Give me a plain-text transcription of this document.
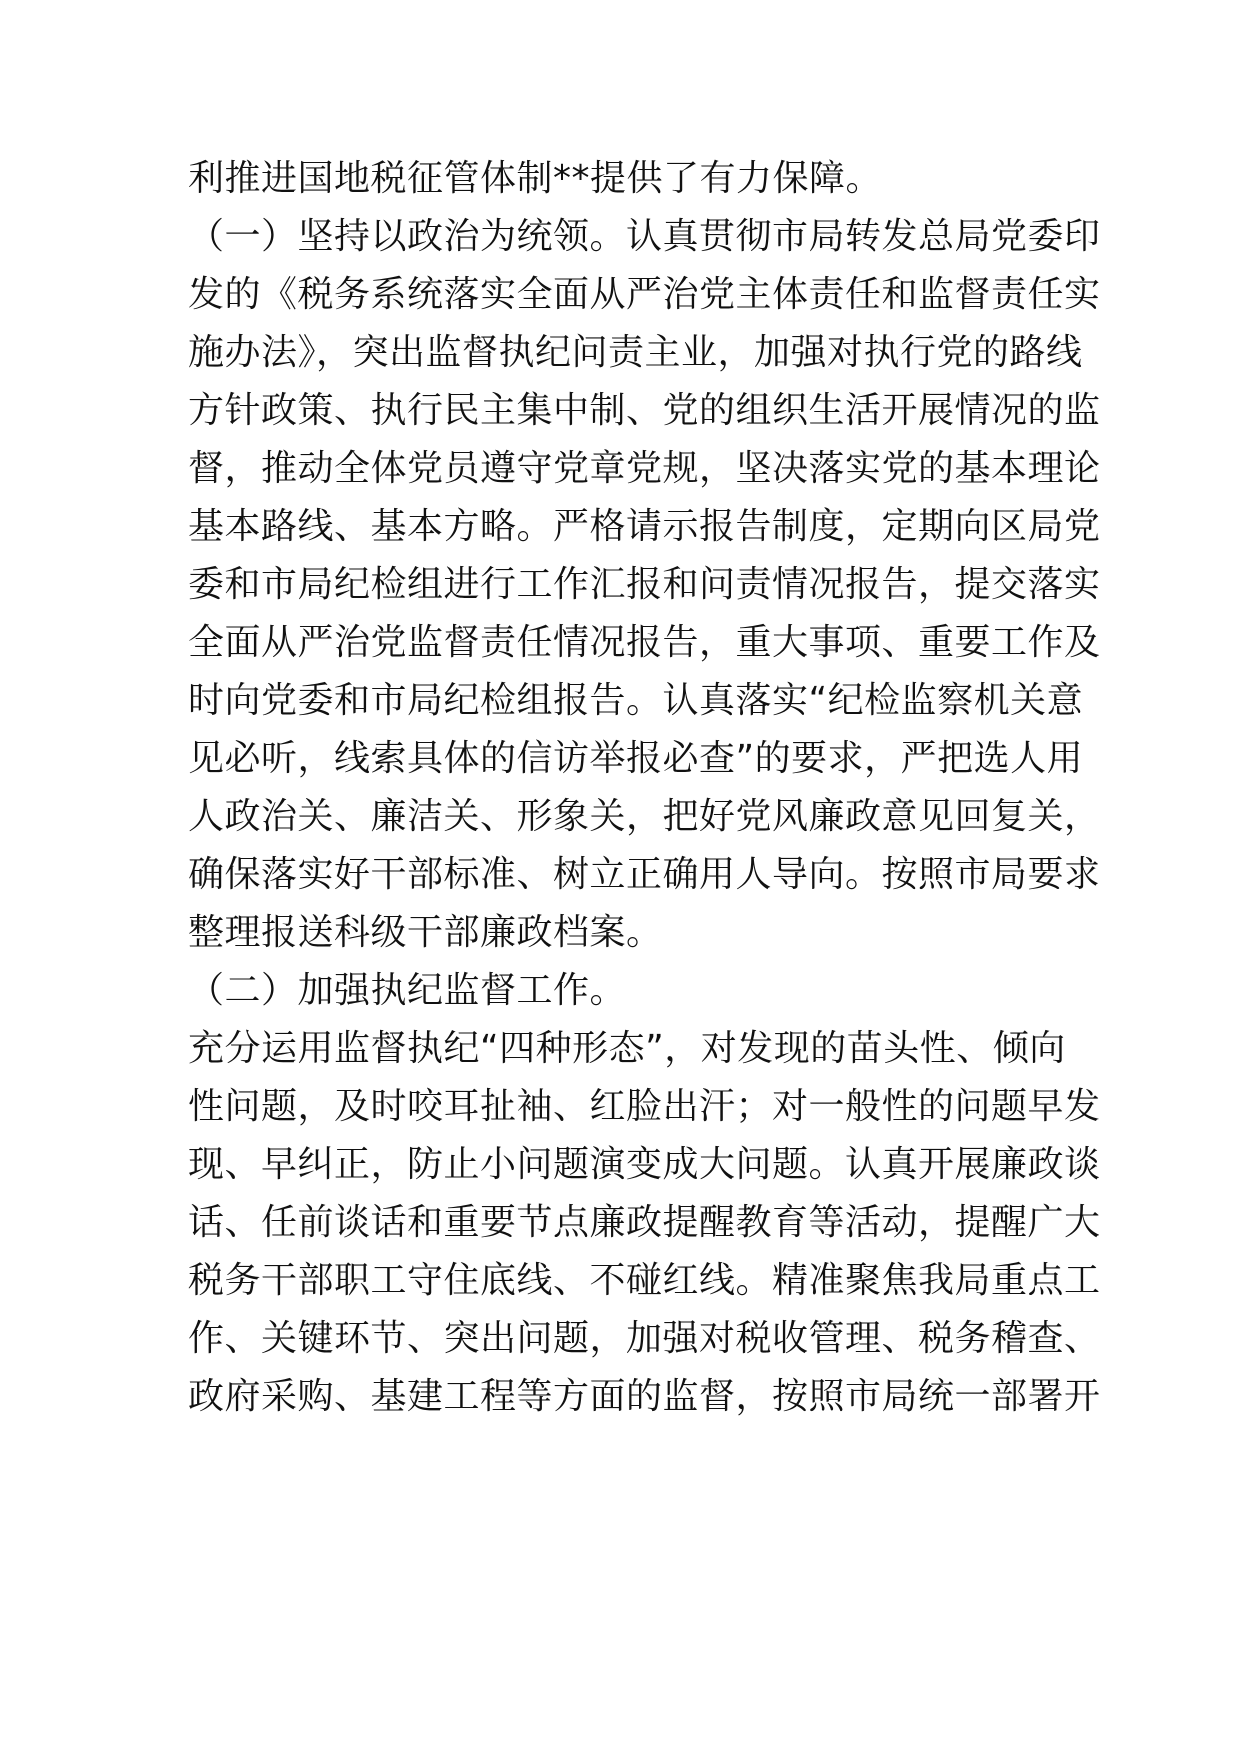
利推进国地税征管体制**提供了有力保障。
（一）坚持以政治为统领。认真贯彻市局转发总局党委印
发的《税务系统落实全面从严治党主体责任和监督责任实
施办法》，突出监督执纪问责主业，加强对执行党的路线
方针政策、执行民主集中制、党的组织生活开展情况的监
督，推动全体党员遵守党章党规，坚决落实党的基本理论
基本路线、基本方略。严格请示报告制度，定期向区局党
委和市局纪检组进行工作汇报和问责情况报告，提交落实
全面从严治党监督责任情况报告，重大事项、重要工作及
时向党委和市局纪检组报告。认真落实“纪检监察机关意
见必听，线索具体的信访举报必查”的要求，严把选人用
人政治关、廉洁关、形象关，把好党风廉政意见回复关，
确保落实好干部标准、树立正确用人导向。按照市局要求
整理报送科级干部廉政档案。
（二）加强执纪监督工作。
充分运用监督执纪“四种形态”，对发现的苗头性、倾向
性问题，及时咬耳扯袖、红脸出汗；对一般性的问题早发
现、早纠正，防止小问题演变成大问题。认真开展廉政谈
话、任前谈话和重要节点廉政提醒教育等活动，提醒广大
税务干部职工守住底线、不碰红线。精准聚焦我局重点工
作、关键环节、突出问题，加强对税收管理、税务稽查、
政府采购、基建工程等方面的监督，按照市局统一部署开
